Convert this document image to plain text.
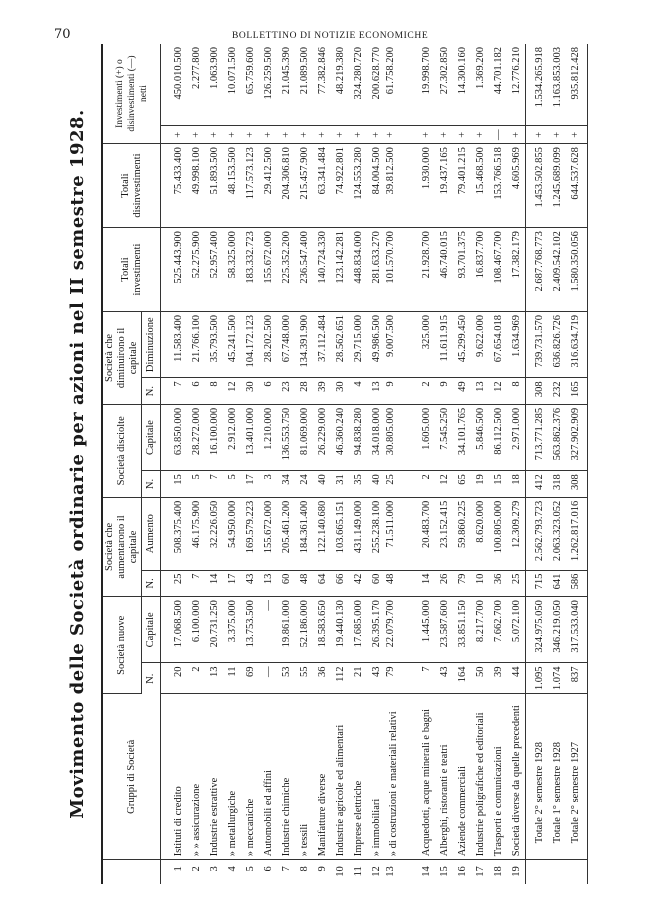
70	BOLLETTINO DI NOTIZIE ECONOMICHE
Movimento delle Società ordinarie per azioni nel II semestre 1928.
		Gruppi di Società	Società nuove		Società che aumentarono il capitale		Società disciolte		Società che diminuirono il capitale		Totali investimenti	Totali disinvestimenti	Investimenti (+) o disinvestimenti (—) netti	
		N.	Capitale	N.	Aumento	N.	Capitale	N.	Diminuzione				
1	Istituti di credito	20	17.068.500	25	508.375.400	15	63.850.000	7	11.583.400	525.443.900	75.433.400	+	450.010.500
2	» » assicurazione	2	6.100.000	7	46.175.900	5	28.272.000	6	21.766.100	52.275.900	49.998.100	+	2.277.800
3	Industrie estrattive	13	20.731.250	14	32.226.050	7	16.100.000	8	35.793.500	52.957.400	51.893.500	+	1.063.900
4	» metallurgiche	11	3.375.000	17	54.950.000	5	2.912.000	12	45.241.500	58.325.000	48.153.500	+	10.071.500
5	» meccaniche	69	13.753.500	43	169.579.223	17	13.401.000	30	104.172.123	183.332.723	117.573.123	+	65.759.600
6	Automobili ed affini	—	—	13	155.672.000	3	1.210.000	6	28.202.500	155.672.000	29.412.500	+	126.259.500
7	Industrie chimiche	53	19.861.000	60	205.461.200	34	136.553.750	23	67.748.000	225.352.200	204.306.810	+	21.045.390
8	» tessili	55	52.186.000	48	184.361.400	24	81.069.000	28	134.391.900	236.547.400	215.457.900	+	21.089.500
9	Manifatture diverse	36	18.583.650	64	122.140.680	40	26.229.000	39	37.112.484	140.724.330	63.341.484	+	77.382.846
10	Industrie agricole ed alimentari	112	19.440.130	66	103.665.151	31	46.360.240	30	28.562.651	123.142.281	74.922.801	+	48.219.380
11	Imprese elettriche	21	17.685.000	42	431.149.000	35	94.838.280	4	29.715.000	448.834.000	124.553.280	+	324.280.720
12	» immobiliari	43	26.395.170	60	255.238.100	40	34.018.000	13	49.986.500	281.633.270	84.004.500	+	200.628.770
13	» di costruzioni e materiali relativi	79	22.079.700	48	71.511.000	25	30.805.000	9	9.007.500	101.570.700	39.812.500	+	61.758.200
14	Acquedotti, acque minerali e bagni	7	1.445.000	14	20.483.700	2	1.605.000	2	325.000	21.928.700	1.930.000	+	19.998.700
15	Alberghi, ristoranti e teatri	43	23.587.600	26	23.152.415	12	7.545.250	9	11.611.915	46.740.015	19.437.165	+	27.302.850
16	Aziende commerciali	164	33.851.150	79	59.860.225	65	34.101.765	49	45.299.450	93.701.375	79.401.215	+	14.300.160
17	Industrie poligrafiche ed editoriali	50	8.217.700	10	8.620.000	19	5.846.500	13	9.622.000	16.837.700	15.468.500	+	1.369.200
18	Trasporti e comunicazioni	39	7.662.700	36	100.805.000	15	86.112.500	12	67.654.018	108.467.700	153.766.518	—	44.701.182
19	Società diverse da quelle precedenti	44	5.072.100	25	12.309.279	18	2.971.000	8	1.634.969	17.382.179	4.605.969	+	12.776.210
	Totale 2° semestre 1928	1.095	324.975.050	715	2.562.793.723	412	713.771.285	308	739.731.570	2.687.768.773	1.453.502.855	+	1.534.265.918
	Totale 1° semestre 1928	1.074	346.219.050	641	2.063.323.052	318	563.862.376	232	636.826.726	2.409.542.102	1.245.689.099	+	1.163.853.003
	Totale 2° semestre 1927	837	317.533.040	586	1.262.817.016	308	327.902.909	165	316.634.719	1.580.350.056	644.537.628	+	935.812.428
